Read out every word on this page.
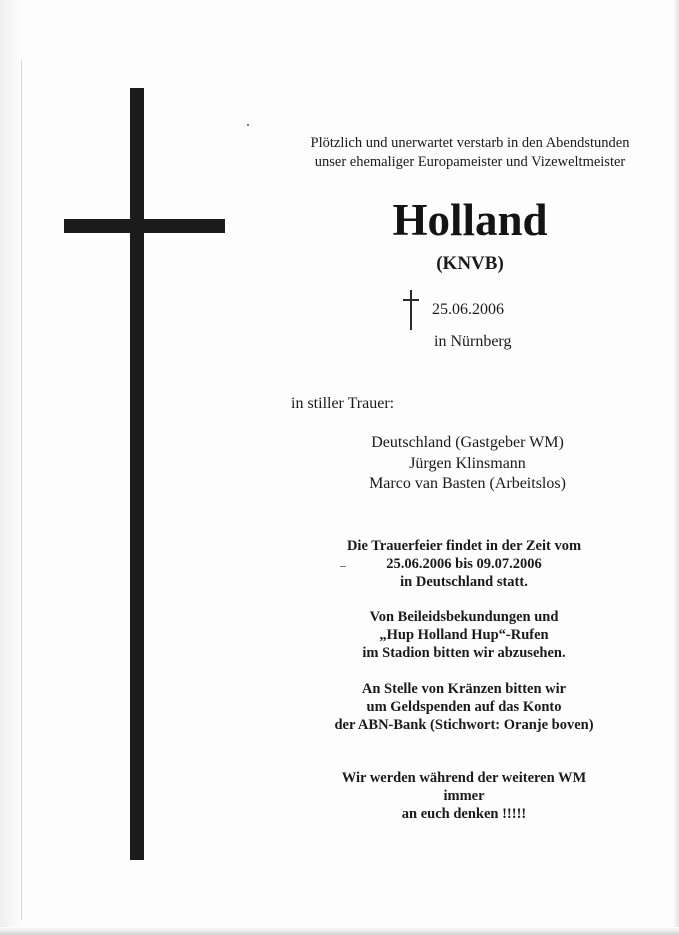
Plötzlich und unerwartet verstarb in den Abendstunden
unser ehemaliger Europameister und Vizeweltmeister
Holland
(KNVB)
25.06.2006
in Nürnberg
in stiller Trauer:
Deutschland (Gastgeber WM)
Jürgen Klinsmann
Marco van Basten (Arbeitslos)
Die Trauerfeier findet in der Zeit vom
25.06.2006 bis 09.07.2006
in Deutschland statt.
Von Beileidsbekundungen und
„Hup Holland Hup“-Rufen
im Stadion bitten wir abzusehen.
An Stelle von Kränzen bitten wir
um Geldspenden auf das Konto
der ABN-Bank (Stichwort: Oranje boven)
Wir werden während der weiteren WM
immer
an euch denken !!!!!
